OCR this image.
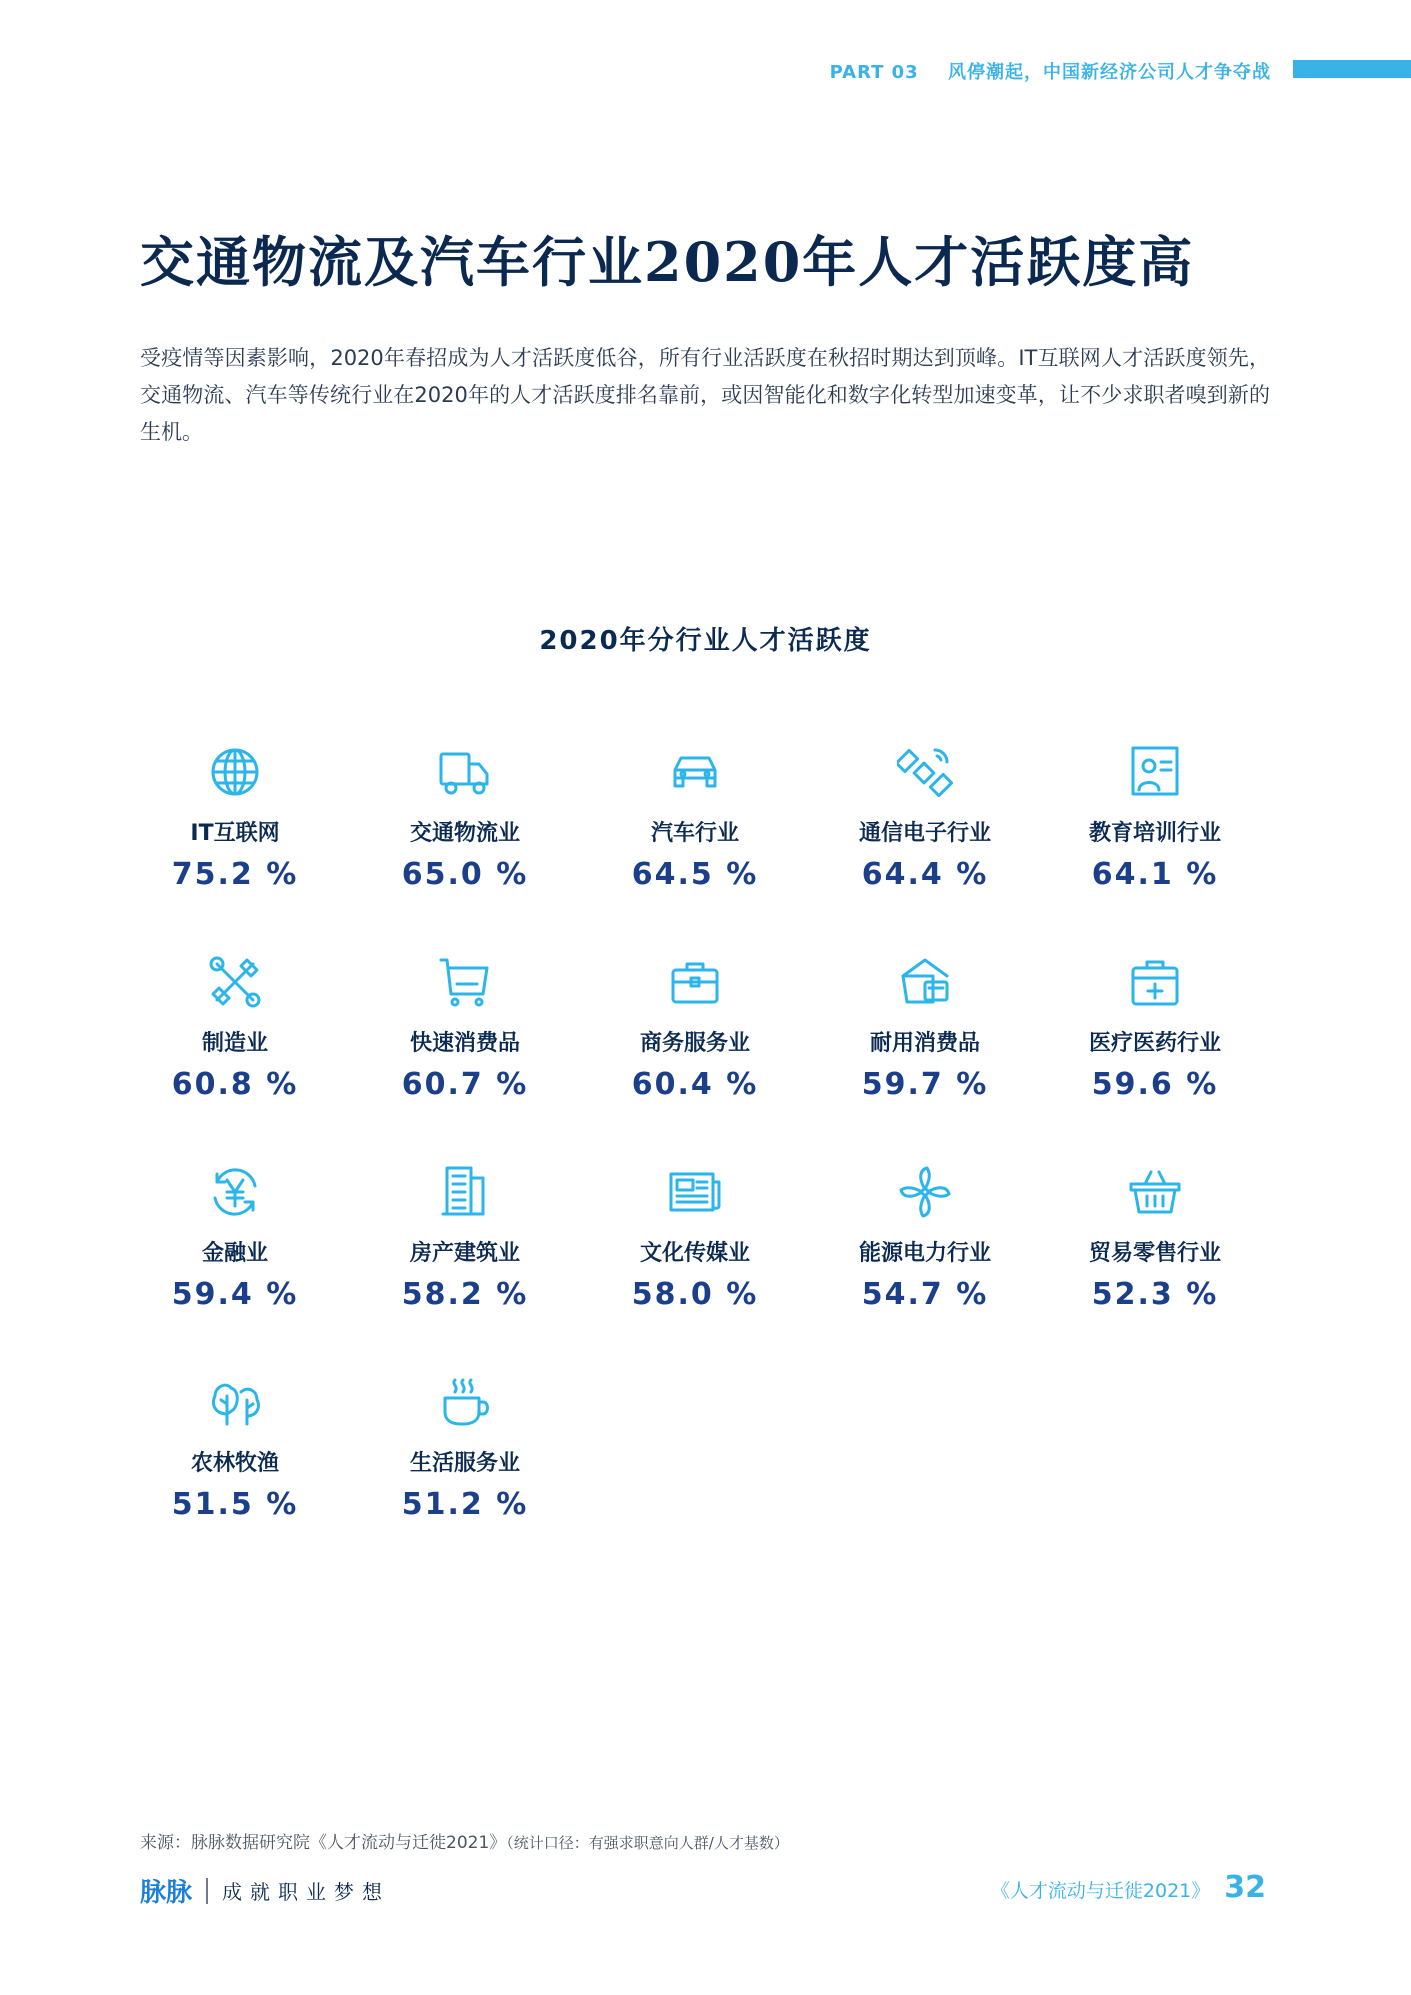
PART 03 风停潮起，中国新经济公司人才争夺战
交通物流及汽车行业2020年人才活跃度高
受疫情等因素影响，2020年春招成为人才活跃度低谷，所有行业活跃度在秋招时期达到顶峰。IT互联网人才活跃度领先，交通物流、汽车等传统行业在2020年的人才活跃度排名靠前，或因智能化和数字化转型加速变革，让不少求职者嗅到新的生机。
2020年分行业人才活跃度
IT互联网
75.2 %
交通物流业
65.0 %
汽车行业
64.5 %
通信电子行业
64.4 %
教育培训行业
64.1 %
制造业
60.8 %
快速消费品
60.7 %
商务服务业
60.4 %
耐用消费品
59.7 %
医疗医药行业
59.6 %
金融业
59.4 %
房产建筑业
58.2 %
文化传媒业
58.0 %
能源电力行业
54.7 %
贸易零售行业
52.3 %
农林牧渔
51.5 %
生活服务业
51.2 %
来源：脉脉数据研究院《人才流动与迁徙2021》（统计口径：有强求职意向人群/人才基数）
脉脉 成就职业梦想	《人才流动与迁徙2021》 32
